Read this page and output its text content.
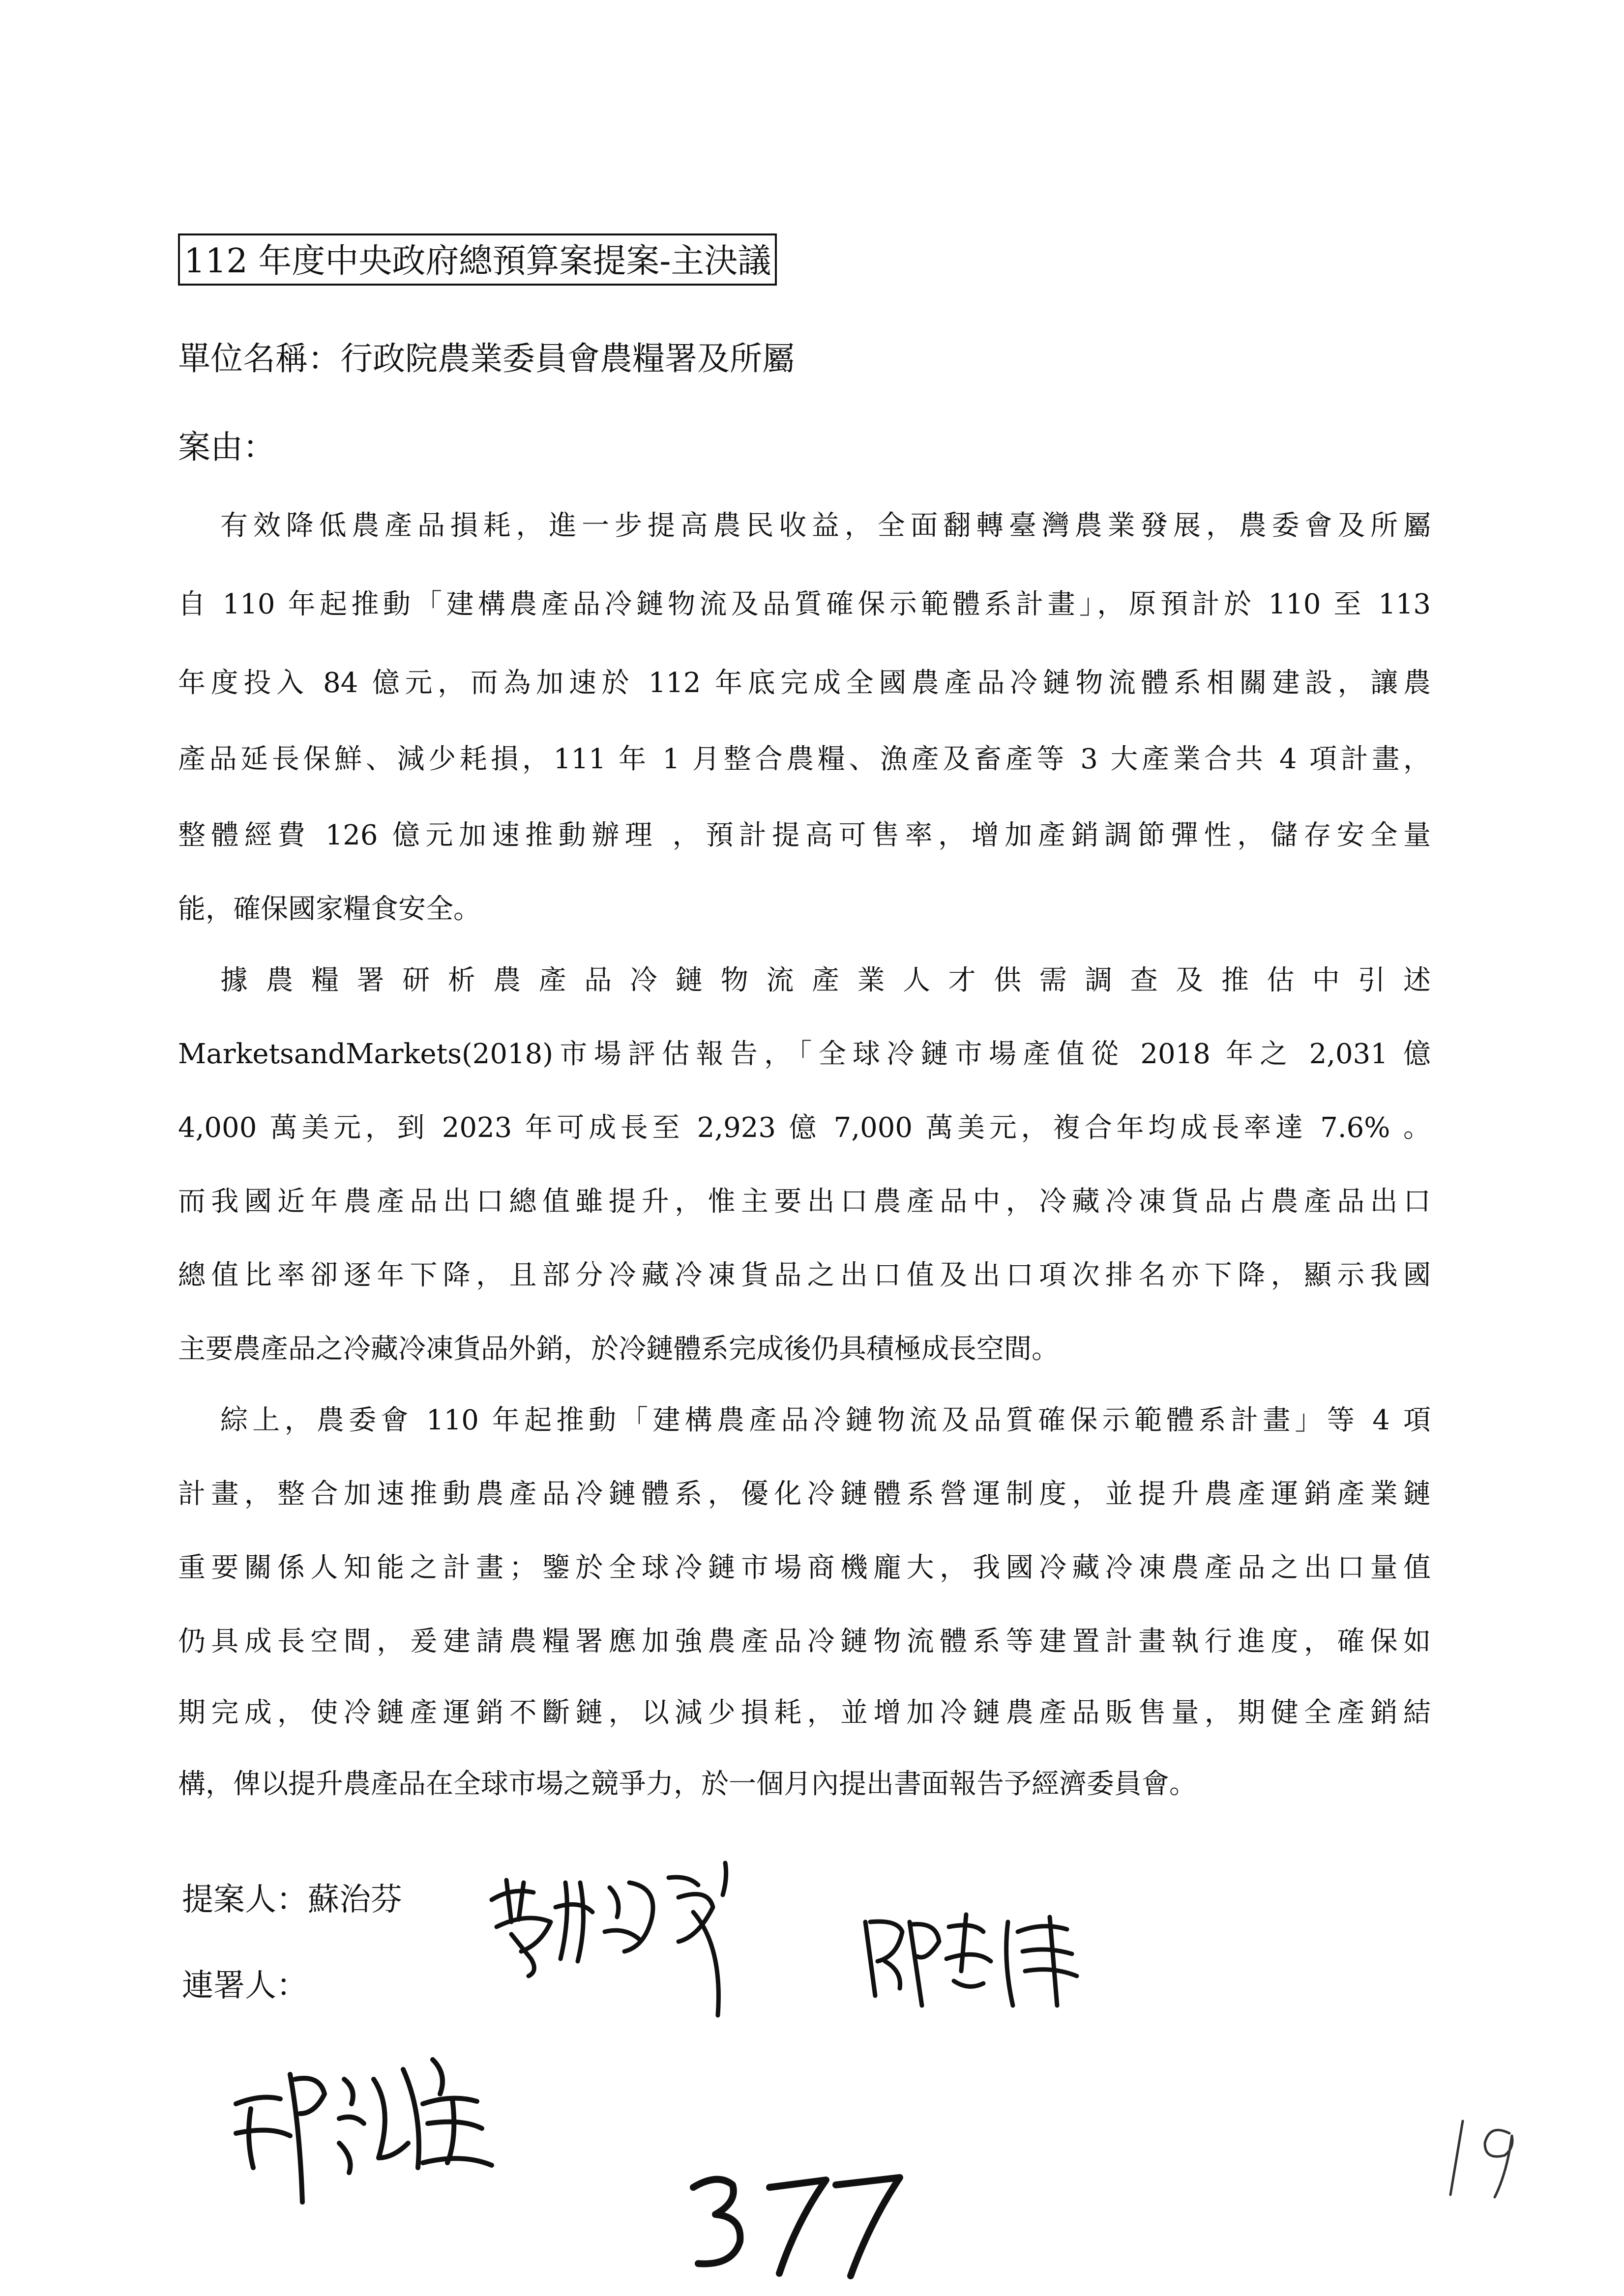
112 年度中央政府總預算案提案-主決議
單位名稱：行政院農業委員會農糧署及所屬
案由：
有效降低農產品損耗，進一步提高農民收益，全面翻轉臺灣農業發展，農委會及所屬
自 110 年起推動「建構農產品冷鏈物流及品質確保示範體系計畫」，原預計於 110 至 113
年度投入 84 億元，而為加速於 112 年底完成全國農產品冷鏈物流體系相關建設，讓農
產品延長保鮮、減少耗損，111 年 1 月整合農糧、漁產及畜產等 3 大產業合共 4 項計畫，
整體經費 126 億元加速推動辦理 ，預計提高可售率，增加產銷調節彈性，儲存安全量
能，確保國家糧食安全。
據農糧署研析農產品冷鏈物流產業人才供需調查及推估中引述
MarketsandMarkets(2018)市場評估報告，「全球冷鏈市場產值從 2018 年之 2,031 億
4,000 萬美元，到 2023 年可成長至 2,923 億 7,000 萬美元，複合年均成長率達 7.6% 。
而我國近年農產品出口總值雖提升，惟主要出口農產品中，冷藏冷凍貨品占農產品出口
總值比率卻逐年下降，且部分冷藏冷凍貨品之出口值及出口項次排名亦下降，顯示我國
主要農產品之冷藏冷凍貨品外銷，於冷鏈體系完成後仍具積極成長空間。
綜上，農委會 110 年起推動「建構農產品冷鏈物流及品質確保示範體系計畫」等 4 項
計畫，整合加速推動農產品冷鏈體系，優化冷鏈體系營運制度，並提升農產運銷產業鏈
重要關係人知能之計畫；鑒於全球冷鏈市場商機龐大，我國冷藏冷凍農產品之出口量值
仍具成長空間，爰建請農糧署應加強農產品冷鏈物流體系等建置計畫執行進度，確保如
期完成，使冷鏈產運銷不斷鏈，以減少損耗，並增加冷鏈農產品販售量，期健全產銷結
構，俾以提升農產品在全球市場之競爭力，於一個月內提出書面報告予經濟委員會。
提案人：蘇治芬
連署人：
